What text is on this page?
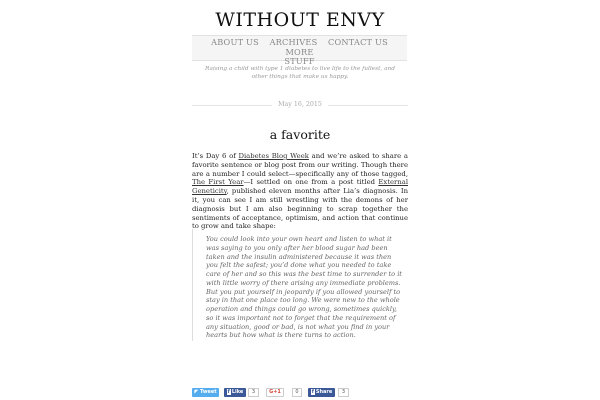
WITHOUT ENVY
ABOUT US ARCHIVES CONTACT US MORE
STUFF
Raising a child with type 1 diabetes to live life to the fullest, and other things that make us happy.
May 16, 2015
a favorite
It’s Day 6 of Diabetes Blog Week and we’re asked to share a favorite sentence or blog post from our writing. Though there are a number I could select—specifically any of those tagged, The First Year—I settled on one from a post titled External Geneticity, published eleven months after Lia’s diagnosis. In it, you can see I am still wrestling with the demons of her diagnosis but I am also beginning to scrap together the sentiments of acceptance, optimism, and action that continue to grow and take shape:

You could look into your own heart and listen to what it was saying to you only after her blood sugar had been taken and the insulin administered because it was then you felt the safest; you’d done what you needed to take care of her and so this was the best time to surrender to it with little worry of there arising any immediate problems. But you put yourself in jeopardy if you allowed yourself to stay in that one place too long. We were new to the whole operation and things could go wrong, sometimes quickly, so it was important not to forget that the requirement of any situation, good or bad, is not what you find in your hearts but how what is there turns to action.

◤ Tweet	f Like	3	G+1	0	f Share	3
